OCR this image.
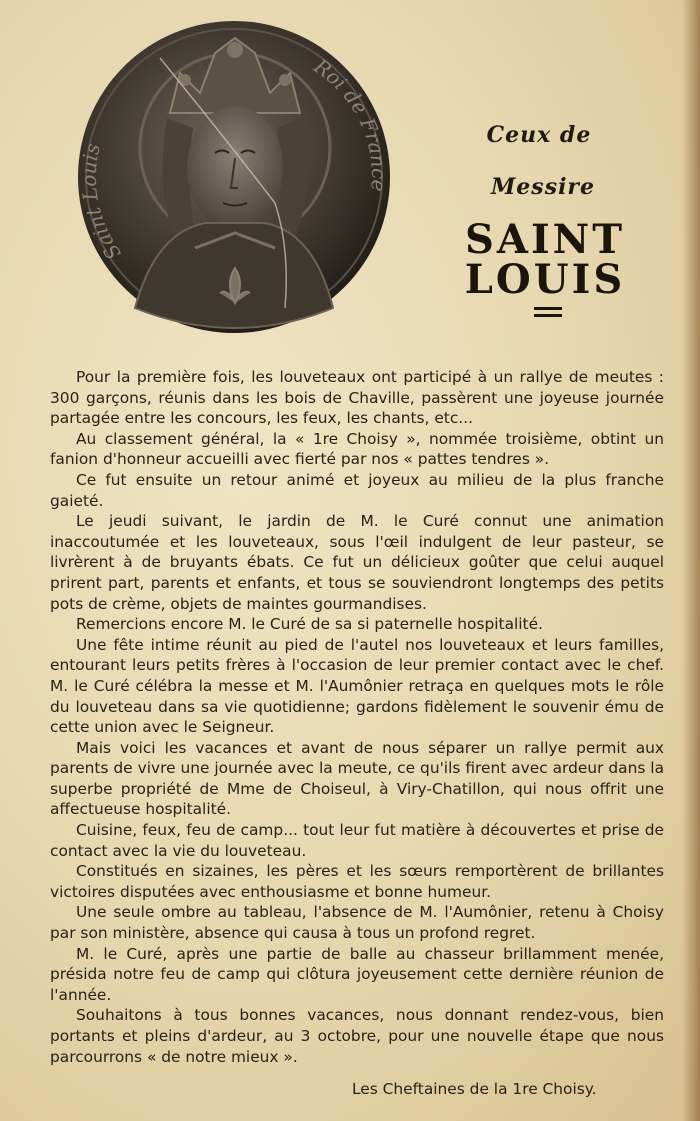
Saint Louis
Roi de France
Ceux de
Messire
SAINT LOUIS

Pour la première fois, les louveteaux ont participé à un rallye de meutes : 300 garçons, réunis dans les bois de Chaville, passèrent une joyeuse journée partagée entre les concours, les feux, les chants, etc...

Au classement général, la « 1re Choisy », nommée troisième, obtint un fanion d'honneur accueilli avec fierté par nos « pattes tendres ».

Ce fut ensuite un retour animé et joyeux au milieu de la plus franche gaieté.

Le jeudi suivant, le jardin de M. le Curé connut une animation inaccoutumée et les louveteaux, sous l'œil indulgent de leur pasteur, se livrèrent à de bruyants ébats. Ce fut un délicieux goûter que celui auquel prirent part, parents et enfants, et tous se souviendront longtemps des petits pots de crème, objets de maintes gourmandises.

Remercions encore M. le Curé de sa si paternelle hospitalité.

Une fête intime réunit au pied de l'autel nos louveteaux et leurs familles, entourant leurs petits frères à l'occasion de leur premier contact avec le chef. M. le Curé célébra la messe et M. l'Aumônier retraça en quelques mots le rôle du louveteau dans sa vie quotidienne; gardons fidèlement le souvenir ému de cette union avec le Seigneur.

Mais voici les vacances et avant de nous séparer un rallye permit aux parents de vivre une journée avec la meute, ce qu'ils firent avec ardeur dans la superbe propriété de Mme de Choiseul, à Viry-Chatillon, qui nous offrit une affectueuse hospitalité.

Cuisine, feux, feu de camp... tout leur fut matière à découvertes et prise de contact avec la vie du louveteau.

Constitués en sizaines, les pères et les sœurs remportèrent de brillantes victoires disputées avec enthousiasme et bonne humeur.

Une seule ombre au tableau, l'absence de M. l'Aumônier, retenu à Choisy par son ministère, absence qui causa à tous un profond regret.

M. le Curé, après une partie de balle au chasseur brillamment menée, présida notre feu de camp qui clôtura joyeusement cette dernière réunion de l'année.

Souhaitons à tous bonnes vacances, nous donnant rendez-vous, bien portants et pleins d'ardeur, au 3 octobre, pour une nouvelle étape que nous parcourrons « de notre mieux ».

Les Cheftaines de la 1re Choisy.
